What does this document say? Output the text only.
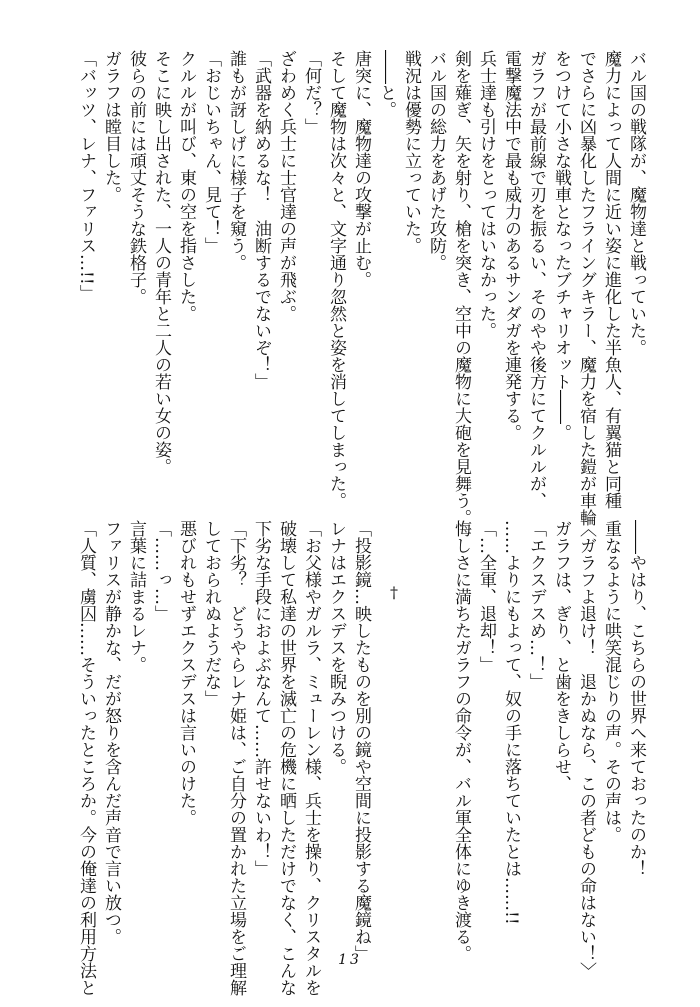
バル国の戦隊が、魔物達と戦っていた。
魔力によって人間に近い姿に進化した半魚人、有翼猫と同種
でさらに凶暴化したフライングキラー、魔力を宿した鎧が車輪
をつけて小さな戦車となったブチャリオット――。
ガラフが最前線で刃を振るい、そのやや後方にてクルルが、
電撃魔法中で最も威力のあるサンダガを連発する。
兵士達も引けをとってはいなかった。
剣を薙ぎ、矢を射り、槍を突き、空中の魔物に大砲を見舞う。
バル国の総力をあげた攻防。
戦況は優勢に立っていた。
――と。
唐突に、魔物達の攻撃が止む。
そして魔物は次々と、文字通り忽然と姿を消してしまった。
「何だ？」
ざわめく兵士に士官達の声が飛ぶ。
「武器を納めるな！　油断するでないぞ！」
誰もが訝しげに様子を窺う。
「おじいちゃん、見て！」
クルルが叫び、東の空を指さした。
そこに映し出された、一人の青年と二人の若い女の姿。
彼らの前には頑丈そうな鉄格子。
ガラフは瞠目した。
「バッツ、レナ、ファリス…!!」
†	――やはり、こちらの世界へ来ておったのか！
重なるように哄笑混じりの声。その声は。
〈ガラフよ退け！　退かぬなら、この者どもの命はない！〉
ガラフは、ぎり、と歯をきしらせ、
「エクスデスめ…！」
……よりにもよって、奴の手に落ちていたとは……!!
「…全軍、退却！」
悔しさに満ちたガラフの命令が、バル軍全体にゆき渡る。

「投影鏡…映したものを別の鏡や空間に投影する魔鏡ね」
レナはエクスデスを睨みつける。
「お父様やガルラ、ミューレン様、兵士を操り、クリスタルを
破壊して私達の世界を滅亡の危機に晒しただけでなく、こんな
下劣な手段におよぶなんて……許せないわ！」
「下劣？　どうやらレナ姫は、ご自分の置かれた立場をご理解
しておられぬようだな」
悪びれもせずエクスデスは言いのけた。
「……っ…」
言葉に詰まるレナ。
ファリスが静かな、だが怒りを含んだ声音で言い放つ。
「人質、虜囚……そういったところか。今の俺達の利用方法と	13
